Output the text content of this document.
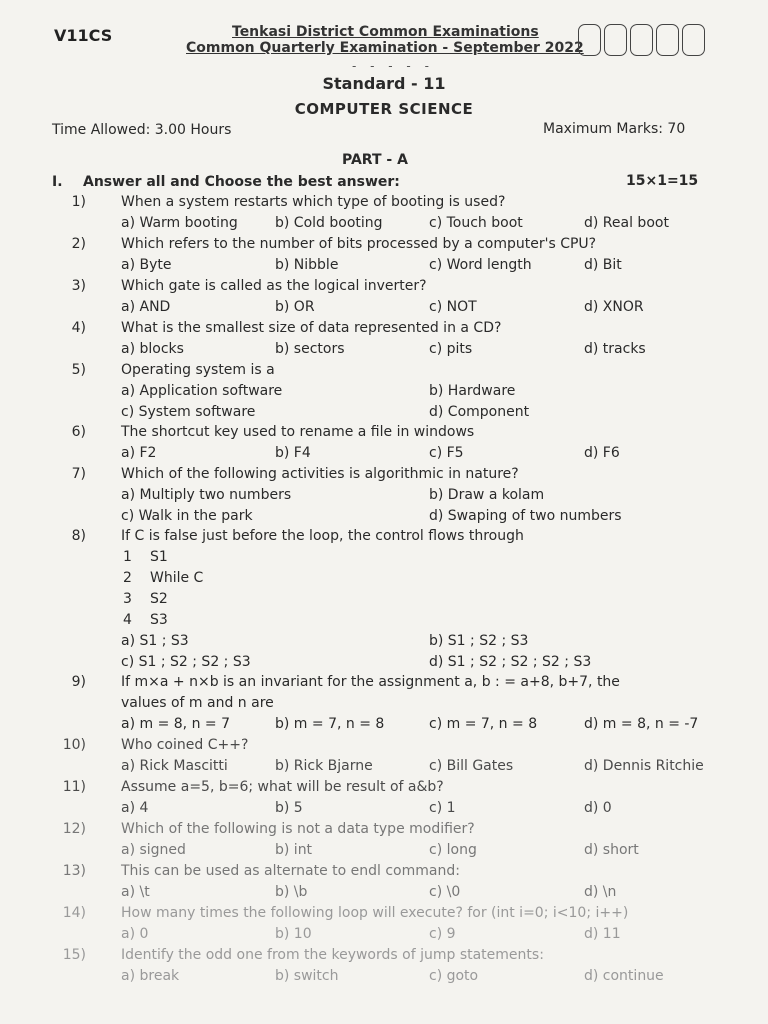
V11CS	Tenkasi District Common Examinations
Common Quarterly Examination - September 2022
- - - - -
Standard - 11
COMPUTER SCIENCE
Time Allowed: 3.00 Hours	Maximum Marks: 70
PART - A
I. Answer all and Choose the best answer:	15×1=15
1)	When a system restarts which type of booting is used?
a) Warm booting	b) Cold booting	c) Touch boot	d) Real boot
2)	Which refers to the number of bits processed by a computer's CPU?
a) Byte	b) Nibble	c) Word length	d) Bit
3)	Which gate is called as the logical inverter?
a) AND	b) OR	c) NOT	d) XNOR
4)	What is the smallest size of data represented in a CD?
a) blocks	b) sectors	c) pits	d) tracks
5)	Operating system is a
a) Application software	b) Hardware
c) System software	d) Component
6)	The shortcut key used to rename a file in windows
a) F2	b) F4	c) F5	d) F6
7)	Which of the following activities is algorithmic in nature?
a) Multiply two numbers	b) Draw a kolam
c) Walk in the park	d) Swaping of two numbers
8)	If C is false just before the loop, the control flows through
1 S1
2 While C
3 S2
4 S3
a) S1 ; S3	b) S1 ; S2 ; S3
c) S1 ; S2 ; S2 ; S3	d) S1 ; S2 ; S2 ; S2 ; S3
9)	If m×a + n×b is an invariant for the assignment a, b : = a+8, b+7, the
values of m and n are
a) m = 8, n = 7	b) m = 7, n = 8	c) m = 7, n = 8	d) m = 8, n = -7
10)	Who coined C++?
a) Rick Mascitti	b) Rick Bjarne	c) Bill Gates	d) Dennis Ritchie
11)	Assume a=5, b=6; what will be result of a&b?
a) 4	b) 5	c) 1	d) 0
12)	Which of the following is not a data type modifier?
a) signed	b) int	c) long	d) short
13)	This can be used as alternate to endl command:
a) \t	b) \b	c) \0	d) \n
14)	How many times the following loop will execute? for (int i=0; i<10; i++)
a) 0	b) 10	c) 9	d) 11
15)	Identify the odd one from the keywords of jump statements:
a) break	b) switch	c) goto	d) continue
